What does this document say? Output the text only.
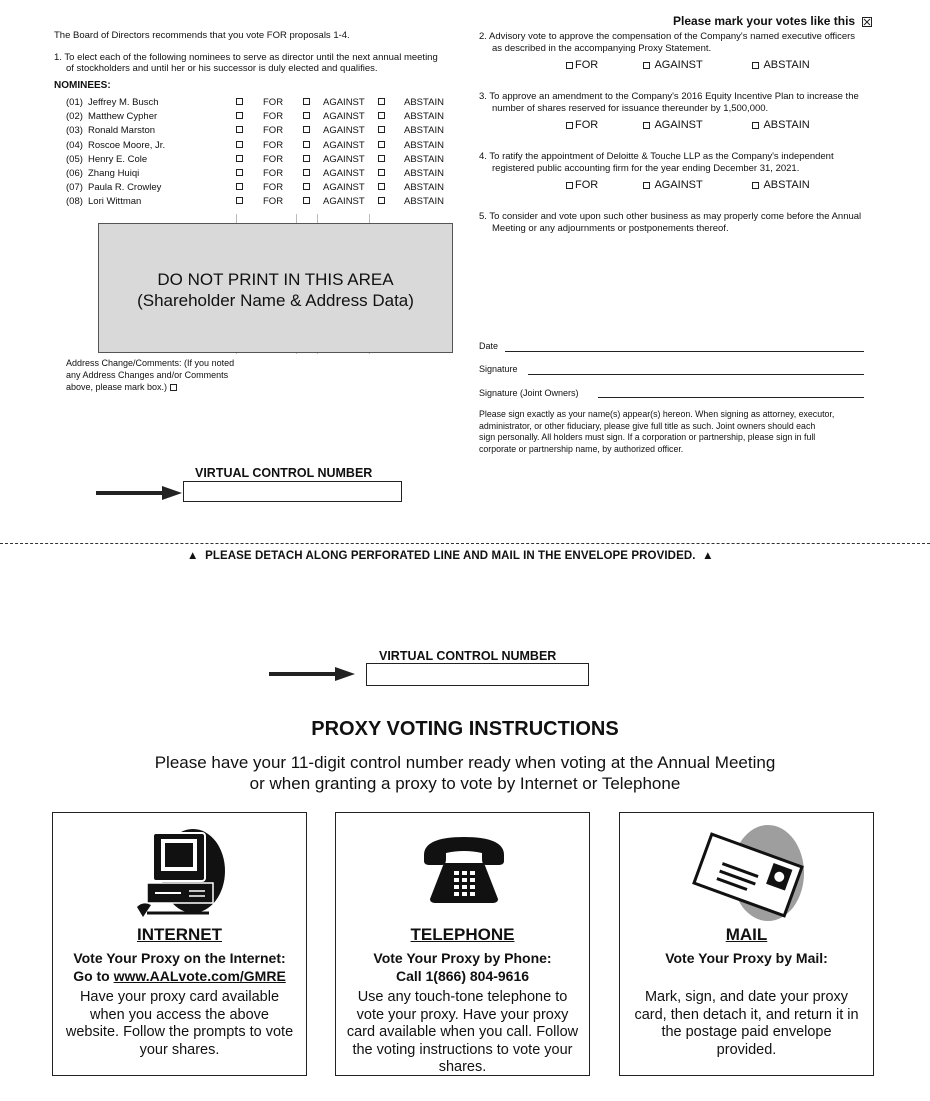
Please mark your votes like this
The Board of Directors recommends that you vote FOR proposals 1-4.
1. To elect each of the following nominees to serve as director until the next annual meeting
of stockholders and until her or his successor is duly elected and qualifies.
NOMINEES:
(01) Jeffrey M. Busch	FOR	AGAINST	ABSTAIN
(02) Matthew Cypher	FOR	AGAINST	ABSTAIN
(03) Ronald Marston	FOR	AGAINST	ABSTAIN
(04) Roscoe Moore, Jr.	FOR	AGAINST	ABSTAIN
(05) Henry E. Cole	FOR	AGAINST	ABSTAIN
(06) Zhang Huiqi	FOR	AGAINST	ABSTAIN
(07) Paula R. Crowley	FOR	AGAINST	ABSTAIN
(08) Lori Wittman	FOR	AGAINST	ABSTAIN
DO NOT PRINT IN THIS AREA
(Shareholder Name & Address Data)
Address Change/Comments: (If you noted
any Address Changes and/or Comments
above, please mark box.)
VIRTUAL CONTROL NUMBER
2. Advisory vote to approve the compensation of the Company's named executive officers
as described in the accompanying Proxy Statement.
FOR	AGAINST	ABSTAIN
3. To approve an amendment to the Company's 2016 Equity Incentive Plan to increase the
number of shares reserved for issuance thereunder by 1,500,000.
FOR	AGAINST	ABSTAIN
4. To ratify the appointment of Deloitte & Touche LLP as the Company's independent
registered public accounting firm for the year ending December 31, 2021.
FOR	AGAINST	ABSTAIN
5. To consider and vote upon such other business as may properly come before the Annual
Meeting or any adjournments or postponements thereof.
Date
Signature
Signature (Joint Owners)
Please sign exactly as your name(s) appear(s) hereon. When signing as attorney, executor,
administrator, or other fiduciary, please give full title as such. Joint owners should each
sign personally. All holders must sign. If a corporation or partnership, please sign in full
corporate or partnership name, by authorized officer.
▲ PLEASE DETACH ALONG PERFORATED LINE AND MAIL IN THE ENVELOPE PROVIDED. ▲
VIRTUAL CONTROL NUMBER
PROXY VOTING INSTRUCTIONS
Please have your 11-digit control number ready when voting at the Annual Meeting
or when granting a proxy to vote by Internet or Telephone
INTERNET
Vote Your Proxy on the Internet:
Go to www.AALvote.com/GMRE
Have your proxy card available
when you access the above
website. Follow the prompts to vote
your shares.
TELEPHONE
Vote Your Proxy by Phone:
Call 1(866) 804-9616
Use any touch-tone telephone to
vote your proxy. Have your proxy
card available when you call. Follow
the voting instructions to vote your
shares.
MAIL
Vote Your Proxy by Mail:
Mark, sign, and date your proxy
card, then detach it, and return it in
the postage paid envelope
provided.
